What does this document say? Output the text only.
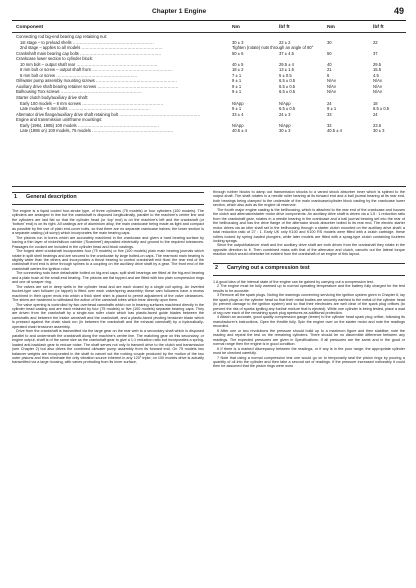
Chapter 1 Engine	49
Component	Nm	lbf ft	Nm	lbf ft
Connecting rod big-end bearing cap retaining nut:
1st stage – to preload shells .....	30 ± 3	22 ± 2	30	22
2nd stage – applies to all models .....	Tighten (rotate) nuts through an angle of 80°
Crankshaft main bearing cap bolts .....	50 ± 6	37 ± 4.5	50	37
Crankcase lower section to cylinder block:
10 mm bolt – output shaft rear .....	40 ± 5	29.5 ± 4	40	29.5
8 mm bolt or screw – output shaft front .....	18 ± 2	13 ± 1.5	21	15.5
6 mm bolt or screw .....	7 ± 1	5 ± 0.5	6	4.5
Oil/water pump assembly mounting screws .....	9 ± 1	6.5 ± 0.5	N/Av	N/Av
Auxiliary drive shaft bearing retainer screws .....	9 ± 1	6.5 ± 0.5	N/Av	N/Av
Balhousing Torx screws .....	9 ± 1	6.5 ± 0.5	N/Av	N/Av
Starter clutch body/auxiliary drive shaft:
Early 100 models – 8 mm screws .....	N/App	N/App	24	18
Late models – 6 mm bolts .....	9 ± 1	6.5 ± 0.5	9 ± 1	6.5 ± 0.5
Alternator drive flange/auxiliary drive shaft retaining bolt .....	33 ± 4	24 ± 3	33	24
Engine and transmission unit/frame mountings:
Early (1984, 1985) 100 models .....	N/App	N/App	32	23.6
Late (1986 on) 100 models, 75 models .....	40.5 ± 4	30 ± 3	40.5 ± 4	30 ± 3
1 General description

The engine is a liquid cooled four-stroke type, of three cylinders (75 models) or four cylinders (100 models). The cylinders are arranged in line but the crankshaft is disposed longitudinally, parallel to the machine's centre line and the cylinders are laid flat so that the cylinder head (or 'top' end) is on the machine's left and the crankshaft (or 'bottom' end) is on its right. All castings are of aluminium alloy, the main crankcase being made as light and compact as possible by the use of plain end-cover bolts, so that there are no separate crankcase halves; the lower section is a separate casting (oil sump) which incorporates the main bearing caps.

The pistons run in bores which are accurately machined in the crankcase and given a hard bearing surface by having a thin layer of nickel/silicon carbide ('Scanimet') deposited electrically and ground to the required tolerances. Passages for coolant are included in the cylinder head and block castings.

The forged steel crankshaft incorporates four (75 models) or five (100 models) plain main bearing journals which rotate in split shell bearings and are secured to the crankcase by large bolted-on caps. The rearmost main bearing is slightly wider than the others and incorporates a thrust bearing to control crankshaft end float; the rear end of the crankshaft front end is drive through splines to a coupling on the auxiliary drive shaft by a gear. The front end of the crankshaft carries the ignition rotor.

The connecting rods have detachable bolted on big-end caps; split shell bearings are fitted at the big-end bearing and a plain bush at the small-end bearing. The pistons are flat topped and are fitted with two plain compression rings and one oil scraper ring.

The valves are set in deep wells in the cylinder head and are each closed by a single coil spring. An inverted bucket-type cam follower (or tappet) is fitted over each valve/spring assembly; these cam followers have a recess machined in their upper ends into which a thick steel shim is placed to permit adjustment of the valve clearances. The shims are hardened to withstand the action of the camshaft lobes which bear directly upon them.

The valve opening is controlled by two overhead camshafts which run in bearing surfaces machined directly in the cylinder head casting and are each retained by four (75 models) or five (100 models) separate bearing caps. They are driven from the crankshaft by a single-row roller chain which has plastic-faced guide blades between the camshafts and between the intake camshaft and the crankshaft, and a plastic-faced pivoting tensioner blade which is pressed against the chain slack run (in between the crankshaft and the exhaust camshaft) by a hydraulically-operated chain tensioner assembly.

Drive from the crankshaft is transmitted via the large gear on the rear web to a secondary shaft which is disposed parallel to and underneath the crankshaft along the machine's centre line. The matching gear on this secondary, or engine output, shaft is of the same size as the crankshaft gear to give a 1:1 reduction ratio but incorporates a spring-loaded anti-backlash gear to reduce noise. The shaft serves not only to transmit drive to the clutch and transmission (see Chapter 2) but also drives the combined oil/water pump assembly from its forward end. On 75 models two balancer weights are incorporated in the shaft to cancel out the rocking couple produced by the motion of the two outer pistons and thus eliminate the only vibration source inherent in any 120° triple; on 100 models drive is actually transmitted via a large housing, with vanes protruding from its inner surface,

through rubber blocks to damp out transmission shocks to a vaned shock absorber inner which is splined to the output shaft. The shaft rotates in a needle roller bearing at its forward end and a ball journal bearing at its rear end, both bearings being clamped to the underside of the main crankcase/cylinder block casting by the crankcase lower section, which also acts as the engine oil reservoir.

The fourth major engine casting is the bellhousing, which is attached to the rear end of the crankcase and houses the clutch and alternator/starter motor drive components. An auxiliary drive shaft is driven via a 1.5 : 1 reduction ratio from the crankshaft gear, rotates in a needle bearing in the crankcase and a ball journal bearing set into the rear of the bellhousing and has the drive flange of the alternator shock absorber bolted to its rear end. The electric starter motor drives via an idler shaft set in the bellhousing through a starter clutch mounted on the auxiliary drive shaft; a total reduction ratio of 27 : 1. Early UK only K100 and K100 RS models were fitted with a clutch cartridge, these rollers locked by spring loaded plungers, while later models are fitted with a sprag-type clutch containing fourteen locking sprags.

Since the output/balancer shaft and the auxiliary drive shaft are both driven from the crankshaft they rotate in the opposite direction to it. Then combined mass with that of the alternator and clutch, cancels out the lateral torque reaction which would otherwise be evident from the crankshaft of an engine of this layout.

2 Carrying out a compression test

1 A good idea of the internal state of the engine can be gained by carrying out a compression test.

2 The engine must be fully warmed up to normal operating temperature and the battery fully charged for the test results to be accurate.

3 Remove all the spark plugs. Noting the warnings concerning servicing the ignition system given in Chapter 6, lay the spark plugs on the cylinder head so that their metal bodies are securely earthed to the metal of the cylinder head (to prevent damage to the ignition system) and so that their electrodes are well clear of the spark plug orifices (to prevent the risk of sparks igniting any fuel/air mixture that is ejected). While one cylinder is being tested, place a wad of rag over each of the remaining spark plug apertures as additional protection.

4 Attach an accurate, good quality compression gauge (tester) to the cylinder head spark plug orifice, following its manufacturer's instructions. Open the throttle fully. Spin the engine over on the starter motor and note the readings recorded.

5 After one or two revolutions the pressure should build up to a maximum figure and then stabilise; note the reading and repeat the test on the remaining cylinders. There should be no discernible difference between any readings. The expected pressures are given in Specifications. If all pressures are the same and in the good or normal range then the engine is in good condition.

6 If there is a marked discrepancy between the readings, or if any is in the poor range, the appropriate cylinder must be checked carefully.

7 Note that using a normal compression test one would go on to temporarily seal the piston rings by pouring a quantity of oil into the cylinder and then take a second set of readings. If the pressure increased noticeably it could then be assumed that the piston rings were worn
